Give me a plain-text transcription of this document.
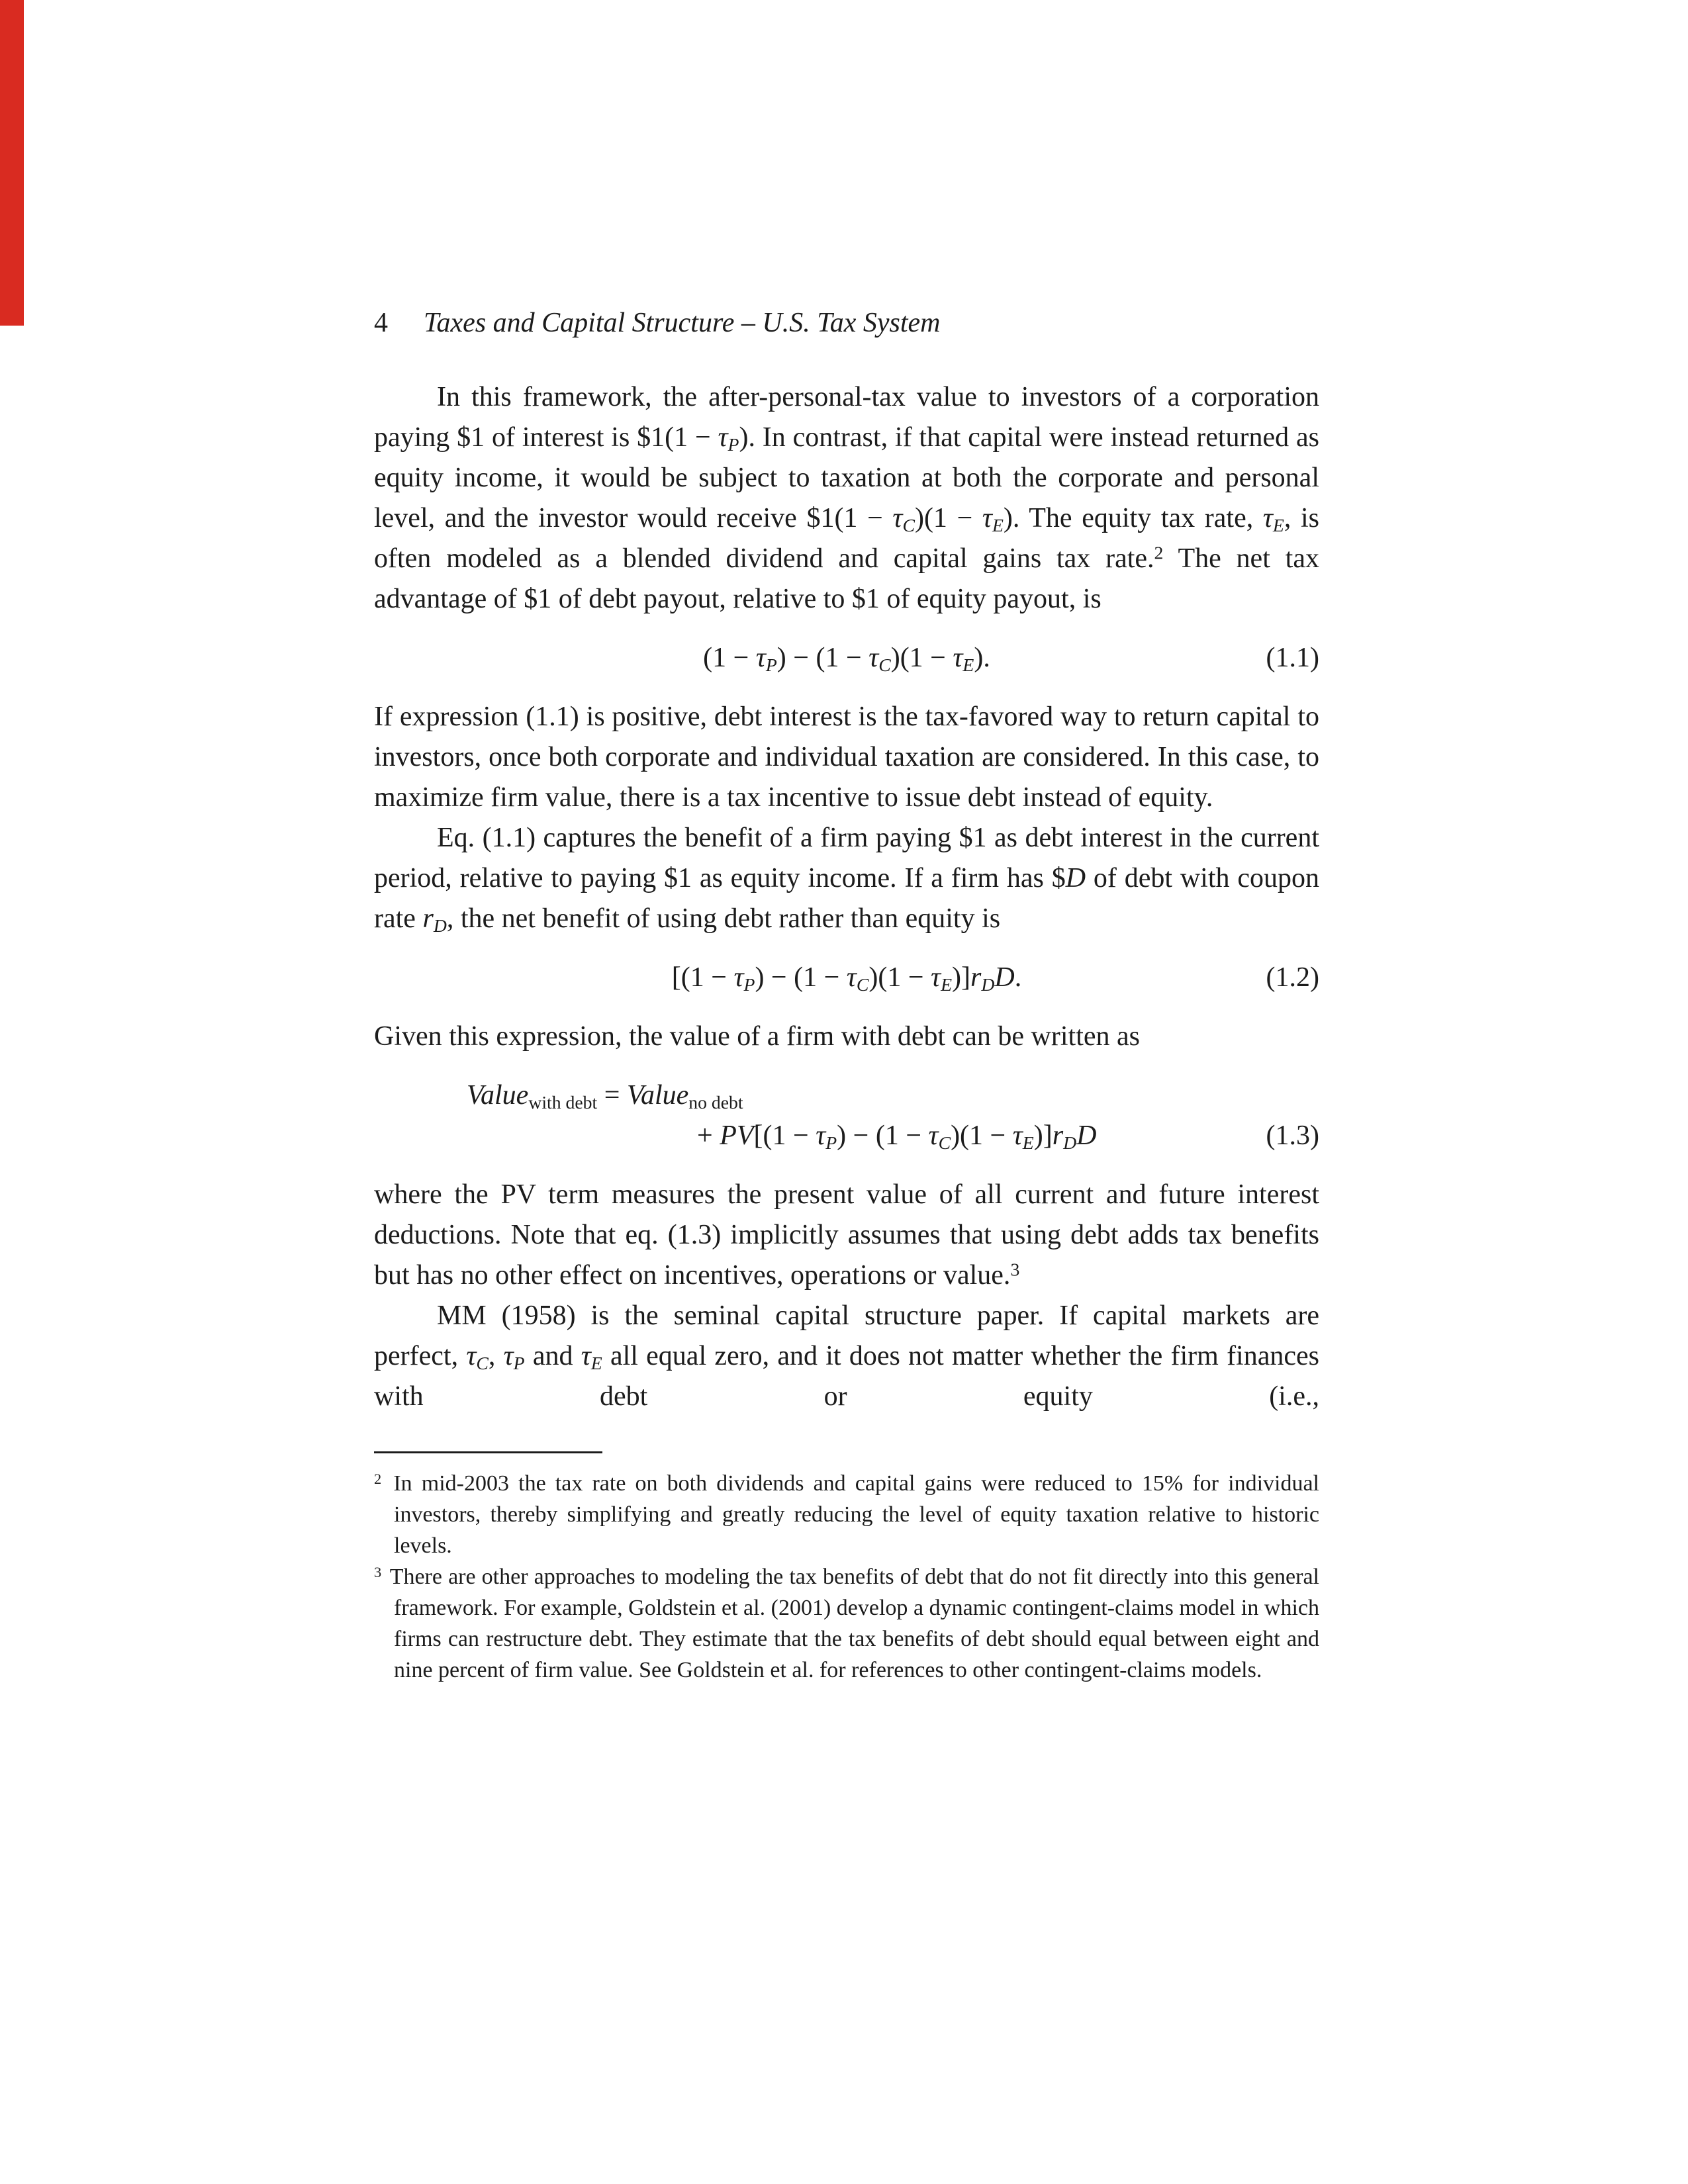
4 Taxes and Capital Structure – U.S. Tax System

In this framework, the after-personal-tax value to investors of a corporation paying $1 of interest is $1(1 − $\tau_P$). In contrast, if that capital were instead returned as equity income, it would be subject to taxation at both the corporate and personal level, and the investor would receive $1(1 − $\tau_C)(1 - \tau_E)$. The equity tax rate, $\tau_E$, is often modeled as a blended dividend and capital gains tax rate.$^2$ The net tax advantage of $1 of debt payout, relative to $1 of equity payout, is

$(1 - \tau_P) - (1 - \tau_C)(1 - \tau_E)$.	(1.1)

If expression (1.1) is positive, debt interest is the tax-favored way to return capital to investors, once both corporate and individual taxation are considered. In this case, to maximize firm value, there is a tax incentive to issue debt instead of equity.

Eq. (1.1) captures the benefit of a firm paying $1 as debt interest in the current period, relative to paying $1 as equity income. If a firm has $D of debt with coupon rate $r_D$, the net benefit of using debt rather than equity is

$[(1 - \tau_P) - (1 - \tau_C)(1 - \tau_E)]r_DD$.	(1.2)

Given this expression, the value of a firm with debt can be written as

Value$_{with debt}$ = Value$_{no debt}$
+ $PV[(1 - \tau_P) - (1 - \tau_C)(1 - \tau_E)]r_DD$	(1.3)

where the PV term measures the present value of all current and future interest deductions. Note that eq. (1.3) implicitly assumes that using debt adds tax benefits but has no other effect on incentives, operations or value.$^3$

MM (1958) is the seminal capital structure paper. If capital markets are perfect, $\tau_C$, $\tau_P$ and $\tau_E$ all equal zero, and it does not matter whether the firm finances with debt or equity (i.e.,

$^2$ In mid-2003 the tax rate on both dividends and capital gains were reduced to 15% for individual investors, thereby simplifying and greatly reducing the level of equity taxation relative to historic levels.

$^3$ There are other approaches to modeling the tax benefits of debt that do not fit directly into this general framework. For example, Goldstein et al. (2001) develop a dynamic contingent-claims model in which firms can restructure debt. They estimate that the tax benefits of debt should equal between eight and nine percent of firm value. See Goldstein et al. for references to other contingent-claims models.
